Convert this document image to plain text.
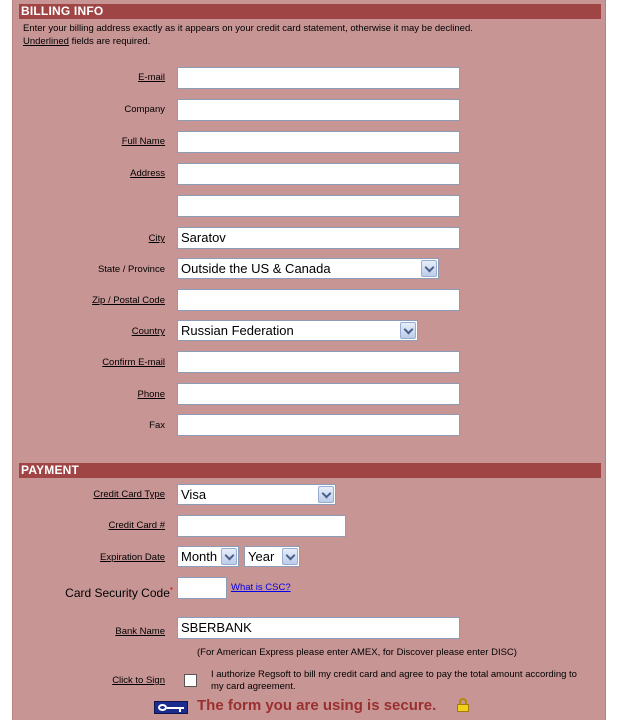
BILLING INFO
Enter your billing address exactly as it appears on your credit card statement, otherwise it may be declined.
Underlined fields are required.
E-mail
Company
Full Name
Address
City	Saratov
State / Province	Outside the US & Canada
Zip / Postal Code
Country	Russian Federation
Confirm E-mail
Phone
Fax
PAYMENT
Credit Card Type	Visa
Credit Card #
Expiration Date	Month	Year
Card Security Code*	What is CSC?
Bank Name	SBERBANK
(For American Express please enter AMEX, for Discover please enter DISC)
Click to Sign
I authorize Regsoft to bill my credit card and agree to pay the total amount according to my card agreement.
The form you are using is secure.
